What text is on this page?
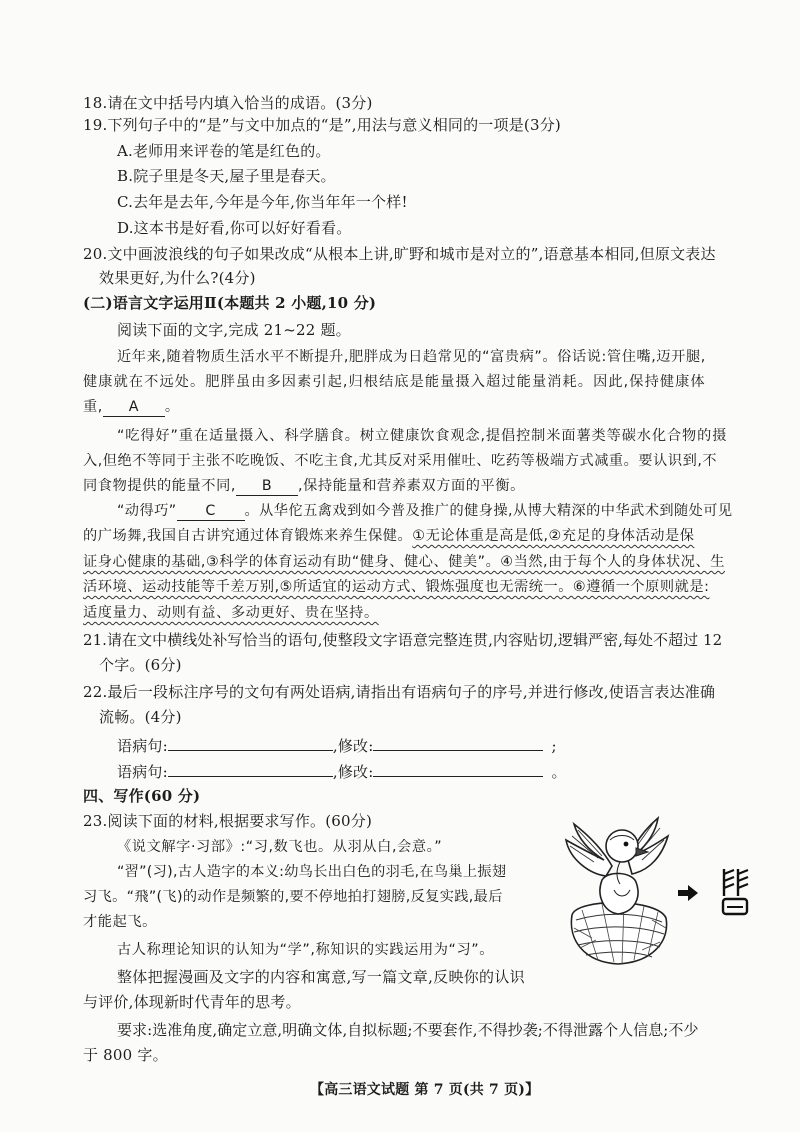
18.请在文中括号内填入恰当的成语。(3分)
19.下列句子中的“是”与文中加点的“是”,用法与意义相同的一项是(3分)
A.老师用来评卷的笔是红色的。
B.院子里是冬天,屋子里是春天。
C.去年是去年,今年是今年,你当年年一个样!
D.这本书是好看,你可以好好看看。
20.文中画波浪线的句子如果改成“从根本上讲,旷野和城市是对立的”,语意基本相同,但原文表达
效果更好,为什么?(4分)
(二)语言文字运用Ⅱ(本题共 2 小题,10 分)
阅读下面的文字,完成 21~22 题。
近年来,随着物质生活水平不断提升,肥胖成为日趋常见的“富贵病”。俗话说:管住嘴,迈开腿,
健康就在不远处。肥胖虽由多因素引起,归根结底是能量摄入超过能量消耗。因此,保持健康体
重, A 。
“吃得好”重在适量摄入、科学膳食。树立健康饮食观念,提倡控制米面薯类等碳水化合物的摄
入,但绝不等同于主张不吃晚饭、不吃主食,尤其反对采用催吐、吃药等极端方式减重。要认识到,不
同食物提供的能量不同, B ,保持能量和营养素双方面的平衡。
“动得巧” C 。从华佗五禽戏到如今普及推广的健身操,从博大精深的中华武术到随处可见
的广场舞,我国自古讲究通过体育锻炼来养生保健。①无论体重是高是低,②充足的身体活动是保
证身心健康的基础,③科学的体育运动有助“健身、健心、健美”。④当然,由于每个人的身体状况、生
活环境、运动技能等千差万别,⑤所适宜的运动方式、锻炼强度也无需统一。⑥遵循一个原则就是:
适度量力、动则有益、多动更好、贵在坚持。
21.请在文中横线处补写恰当的语句,使整段文字语意完整连贯,内容贴切,逻辑严密,每处不超过 12
个字。(6分)
22.最后一段标注序号的文句有两处语病,请指出有语病句子的序号,并进行修改,使语言表达准确
流畅。(4分)
语病句:	,修改:	;
语病句:	,修改:	。
四、写作(60 分)
23.阅读下面的材料,根据要求写作。(60分)
《说文解字·习部》:“习,数飞也。从羽从白,会意。”
“習”(习),古人造字的本义:幼鸟长出白色的羽毛,在鸟巢上振翅
习飞。“飛”(飞)的动作是频繁的,要不停地拍打翅膀,反复实践,最后
才能起飞。
古人称理论知识的认知为“学”,称知识的实践运用为“习”。
整体把握漫画及文字的内容和寓意,写一篇文章,反映你的认识
与评价,体现新时代青年的思考。
要求:选准角度,确定立意,明确文体,自拟标题;不要套作,不得抄袭;不得泄露个人信息;不少
于 800 字。
【高三语文试题 第 7 页(共 7 页)】
